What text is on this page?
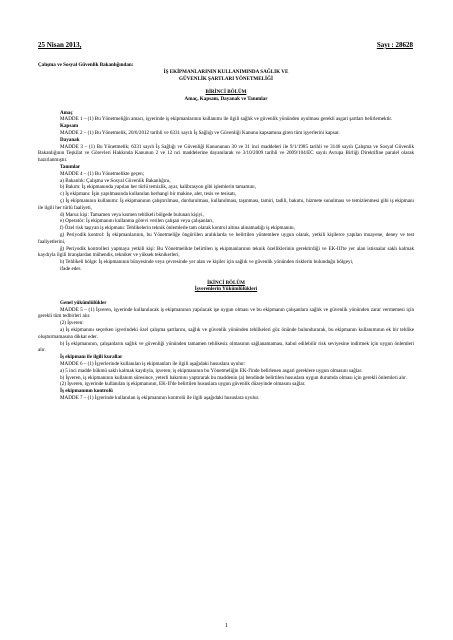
25 Nisan 2013,	Sayı : 28628

Çalışma ve Sosyal Güvenlik Bakanlığından:

İŞ EKİPMANLARININ KULLANIMINDA SAĞLIK VE

GÜVENLİK ŞARTLARI YÖNETMELİĞİ

BİRİNCİ BÖLÜM

Amaç, Kapsam, Dayanak ve Tanımlar

Amaç

MADDE 1 – (1) Bu Yönetmeliğin amacı, işyerinde iş ekipmanlarının kullanımı ile ilgili sağlık ve güvenlik yönünden uyulması gerekli asgari şartları belirlemektir.

Kapsam

MADDE 2 – (1) Bu Yönetmelik, 20/6/2012 tarihli ve 6331 sayılı İş Sağlığı ve Güvenliği Kanunu kapsamına giren tüm işyerlerini kapsar.

Dayanak

MADDE 3 – (1) Bu Yönetmelik; 6331 sayılı İş Sağlığı ve Güvenliği Kanununun 30 ve 31 inci maddeleri ile 9/1/1985 tarihli ve 3146 sayılı Çalışma ve Sosyal Güvenlik Bakanlığının Teşkilat ve Görevleri Hakkında Kanunun 2 ve 12 nci maddelerine dayanılarak ve 3/10/2009 tarihli ve 2009/104/EC sayılı Avrupa Birliği Direktifine paralel olarak hazırlanmıştır.

Tanımlar

MADDE 4 – (1) Bu Yönetmelikte geçen;

a) Bakanlık: Çalışma ve Sosyal Güvenlik Bakanlığını,

b) Bakım: İş ekipmanında yapılan her türlü temizlik, ayar, kalibrasyon gibi işlemlerin tamamını,

c) İş ekipmanı: İşin yapılmasında kullanılan herhangi bir makine, alet, tesis ve tesisatı,

ç) İş ekipmanının kullanımı: İş ekipmanının çalıştırılması, durdurulması, kullanılması, taşınması, tamiri, tadili, bakımı, hizmete sunulması ve temizlenmesi gibi iş ekipmanı ile ilgili her türlü faaliyeti,

d) Maruz kişi: Tamamen veya kısmen tehlikeli bölgede bulunan kişiyi,

e) Operatör: İş ekipmanını kullanma görevi verilen çalışan veya çalışanları,

f) Özel risk taşıyan iş ekipmanı: Tehlikelerin teknik önlemlerle tam olarak kontrol altına alınamadığı iş ekipmanını,

g) Periyodik kontrol: İş ekipmanlarının, bu Yönetmeliğe öngörülen aralıklarda ve belirtilen yöntemlere uygun olarak, yetkili kişilerce yapılan muayene, deney ve test faaliyetlerini,

ğ) Periyodik kontrolleri yapmaya yetkili kişi: Bu Yönetmelikte belirtilen iş ekipmanlarının teknik özelliklerinin gerektirdiği ve EK-III'te yer alan istisnalar saklı kalmak kaydıyla ilgili branşlardan mühendis, tekniker ve yüksek teknikerleri,

h) Tehlikeli bölge: İş ekipmanının bünyesinde veya çevresinde yer alan ve kişiler için sağlık ve güvenlik yönünden risklerin bulunduğu bölgeyi,

ifade eder.

İKİNCİ BÖLÜM

İşverenlerin Yükümlülükleri

Genel yükümlülükler

MADDE 5 – (1) İşveren, işyerinde kullanılacak iş ekipmanının yapılacak işe uygun olması ve bu ekipmanın çalışanlara sağlık ve güvenlik yönünden zarar vermemesi için gerekli tüm tedbirleri alır.

(2) İşveren:

a) İş ekipmanını seçerken işyerindeki özel çalışma şartlarını, sağlık ve güvenlik yönünden tehlikeleri göz önünde bulundurarak, bu ekipmanın kullanımının ek bir tehlike oluşturmamasına dikkat eder.

b) İş ekipmanının, çalışanların sağlık ve güvenliği yönünden tamamen tehlikesiz olmasının sağlanamaması, kabul edilebilir risk seviyesine indirmek için uygun önlemleri alır.

İş ekipmanı ile ilgili kurallar

MADDE 6 – (1) İşyerlerinde kullanılan iş ekipmanları ile ilgili aşağıdaki hususlara uyulur:

a) 5 inci madde hükmü saklı kalmak kaydıyla, işveren; iş ekipmanının bu Yönetmeliğin EK-I'inde belirlenen asgari gereklere uygun olmasını sağlar.

b) İşveren, iş ekipmanının kullanım süresince, yeterli bakımını yaptırarak bu maddenin (a) bendinde belirtilen hususlara uygun durumda olması için gerekli önlemleri alır.

(2) İşveren, işyerinde kullanılan iş ekipmanının, EK-II'de belirtilen hususlara uygun güvenlik düzeyinde olmasını sağlar.

İş ekipmanının kontrolü

MADDE 7 – (1) İşyerinde kullanılan iş ekipmanının kontrolü ile ilgili aşağıdaki hususlara uyulur.

1
